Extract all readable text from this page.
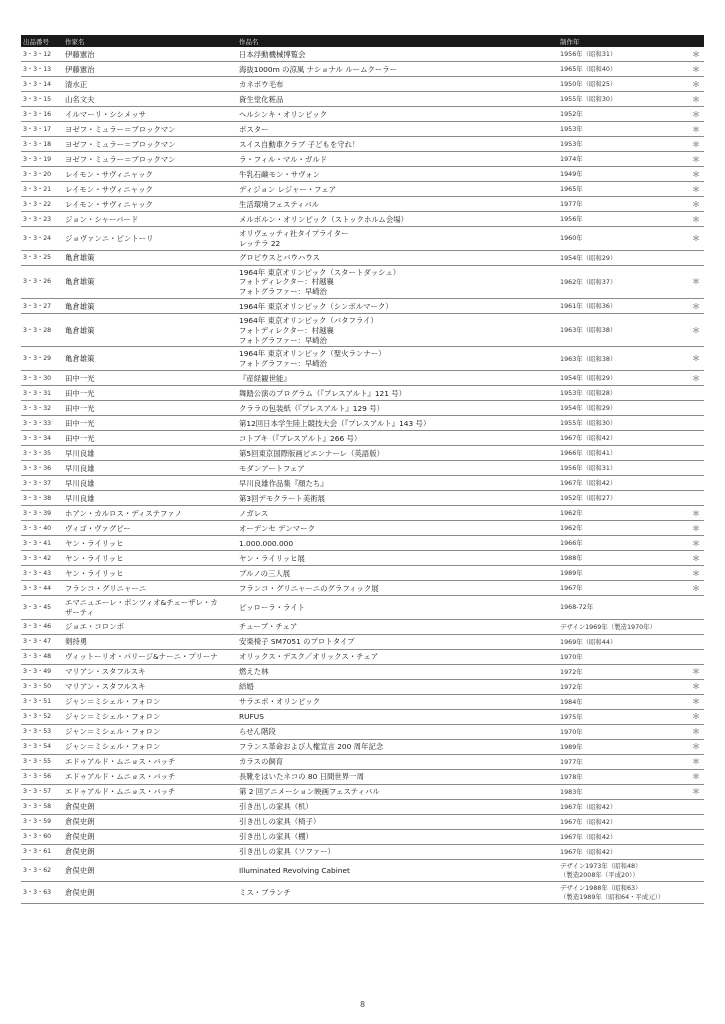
出品番号	作家名	作品名	制作年	
3・3・12	伊藤憲治	日本浮動機械博覧会	1956年（昭和31）	＊
3・3・13	伊藤憲治	海抜1000m の涼風 ナショナル ルームクーラー	1965年（昭和40）	＊
3・3・14	清水正	カネボウ毛布	1950年（昭和25）	＊
3・3・15	山名文夫	資生堂化粧品	1955年（昭和30）	＊
3・3・16	イルマーリ・シシメッサ	ヘルシンキ・オリンピック	1952年	＊
3・3・17	ヨゼフ・ミュラー＝ブロックマン	ポスター	1953年	＊
3・3・18	ヨゼフ・ミュラー＝ブロックマン	スイス自動車クラブ 子どもを守れ！	1953年	＊
3・3・19	ヨゼフ・ミュラー＝ブロックマン	ラ・フィル・マル・ガルド	1974年	＊
3・3・20	レイモン・サヴィニャック	牛乳石鹸モン・サヴォン	1949年	＊
3・3・21	レイモン・サヴィニャック	ディジョン レジャー・フェア	1965年	＊
3・3・22	レイモン・サヴィニャック	生活環境フェスティバル	1977年	＊
3・3・23	ジョン・シャーバード	メルボルン・オリンピック（ストックホルム会場）	1956年	＊
3・3・24	ジョヴァンニ・ピントーリ	オリヴェッティ社タイプライター
レッテラ 22	1960年	＊
3・3・25	亀倉雄策	グロピウスとバウハウス	1954年（昭和29）	
3・3・26	亀倉雄策	1964年 東京オリンピック（スタートダッシュ）
フォトディレクター：村越襄
フォトグラファー：早崎治	1962年（昭和37）	＊
3・3・27	亀倉雄策	1964年 東京オリンピック（シンボルマーク）	1961年（昭和36）	＊
3・3・28	亀倉雄策	1964年 東京オリンピック（バタフライ）
フォトディレクター：村越襄
フォトグラファー：早崎治	1963年（昭和38）	＊
3・3・29	亀倉雄策	1964年 東京オリンピック（聖火ランナー）
フォトグラファー：早崎治	1963年（昭和38）	＊
3・3・30	田中一光	『産経観世能』	1954年（昭和29）	＊
3・3・31	田中一光	舞踏公演のプログラム（『プレスアルト』121 号）	1953年（昭和28）	
3・3・32	田中一光	クララの包装紙（『プレスアルト』129 号）	1954年（昭和29）	
3・3・33	田中一光	第12回日本学生陸上競技大会（『プレスアルト』143 号）	1955年（昭和30）	
3・3・34	田中一光	コトブキ（『プレスアルト』266 号）	1967年（昭和42）	
3・3・35	早川良雄	第5回東京国際版画ビエンナーレ（英語版）	1966年（昭和41）	
3・3・36	早川良雄	モダンアートフェア	1956年（昭和31）	
3・3・37	早川良雄	早川良雄作品集『顔たち』	1967年（昭和42）	
3・3・38	早川良雄	第3回デモクラート美術展	1952年（昭和27）	
3・3・39	ホアン・カルロス・ディステファノ	ノガレス	1962年	＊
3・3・40	ヴィゴ・ヴァグビー	オーデンセ デンマーク	1962年	＊
3・3・41	ヤン・ライリッヒ	1.000.000.000	1966年	＊
3・3・42	ヤン・ライリッヒ	ヤン・ライリッヒ展	1988年	＊
3・3・43	ヤン・ライリッヒ	ブルノの三人展	1989年	＊
3・3・44	フランコ・グリニャーニ	フランコ・グリニャーニのグラフィック展	1967年	＊
3・3・45	エマニュエーレ・ポンツィオ&チェーザレ・カ
ザーティ	ピッローラ・ライト	1968-72年	
3・3・46	ジョエ・コロンボ	チューブ・チェア	デザイン1969年（製造1970年）	
3・3・47	剣持勇	安楽椅子 SM7051 のプロトタイプ	1969年（昭和44）	
3・3・48	ヴィットーリオ・パリージ&ナーニ・プリーナ	オリックス・デスク／オリックス・チェア	1970年	
3・3・49	マリアン・スタフルスキ	燃えた林	1972年	＊
3・3・50	マリアン・スタフルスキ	結婚	1972年	＊
3・3・51	ジャン＝ミシェル・フォロン	サラエボ・オリンピック	1984年	＊
3・3・52	ジャン＝ミシェル・フォロン	RUFUS	1975年	＊
3・3・53	ジャン＝ミシェル・フォロン	らせん階段	1970年	＊
3・3・54	ジャン＝ミシェル・フォロン	フランス革命および人権宣言 200 周年記念	1989年	＊
3・3・55	エドゥアルド・ムニョス・バッチ	カラスの飼育	1977年	＊
3・3・56	エドゥアルド・ムニョス・バッチ	長靴をはいたネコの 80 日間世界一周	1978年	＊
3・3・57	エドゥアルド・ムニョス・バッチ	第 2 回アニメーション映画フェスティバル	1983年	＊
3・3・58	倉俣史朗	引き出しの家具（机）	1967年（昭和42）	
3・3・59	倉俣史朗	引き出しの家具（椅子）	1967年（昭和42）	
3・3・60	倉俣史朗	引き出しの家具（棚）	1967年（昭和42）	
3・3・61	倉俣史朗	引き出しの家具（ソファー）	1967年（昭和42）	
3・3・62	倉俣史朗	Illuminated Revolving Cabinet	デザイン1973年（昭和48）
（製造2008年（平成20））	
3・3・63	倉俣史朗	ミス・ブランチ	デザイン1988年（昭和63）
（製造1989年（昭和64・平成元））	
8
